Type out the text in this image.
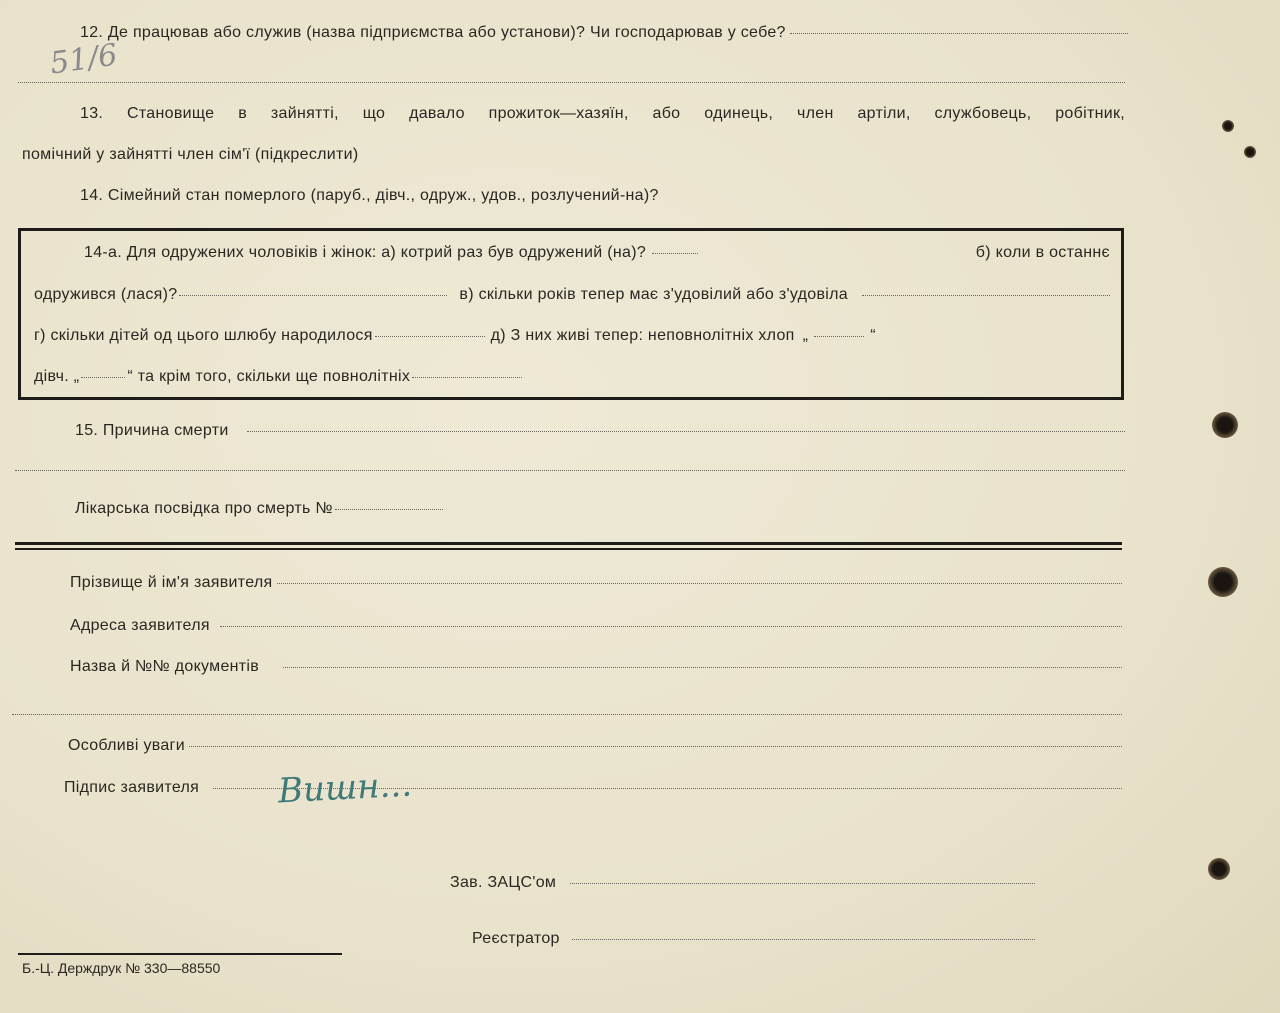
12. Де працював або служив (назва підприємства або установи)? Чи господарював у себе?
51/6
13. Становище в зайнятті, що давало прожиток—хазяїн, або одинець, член артіли, службовець, робітник,
помічний у зайнятті член сім'ї (підкреслити)
14. Сімейний стан померлого (паруб., дівч., одруж., удов., розлучений-на)?
14-а. Для одружених чоловіків і жінок: а) котрий раз був одружений (на)?	б) коли в останнє
одружився (лася)?	в) скільки років тепер має з'удовілий або з'удовіла
г) скільки дітей од цього шлюбу народилося	д) З них живі тепер: неповнолітніх хлоп „	“
дівч. „	“ та крім того, скільки ще повнолітніх
15. Причина смерти
Лікарська посвідка про смерть №
Прізвище й ім'я заявителя
Адреса заявителя
Назва й №№ документів
Особливі уваги
Підпис заявителя Вишн...
Зав. ЗАЦС'ом
Реєстратор
Б.-Ц. Держдрук № 330—88550
